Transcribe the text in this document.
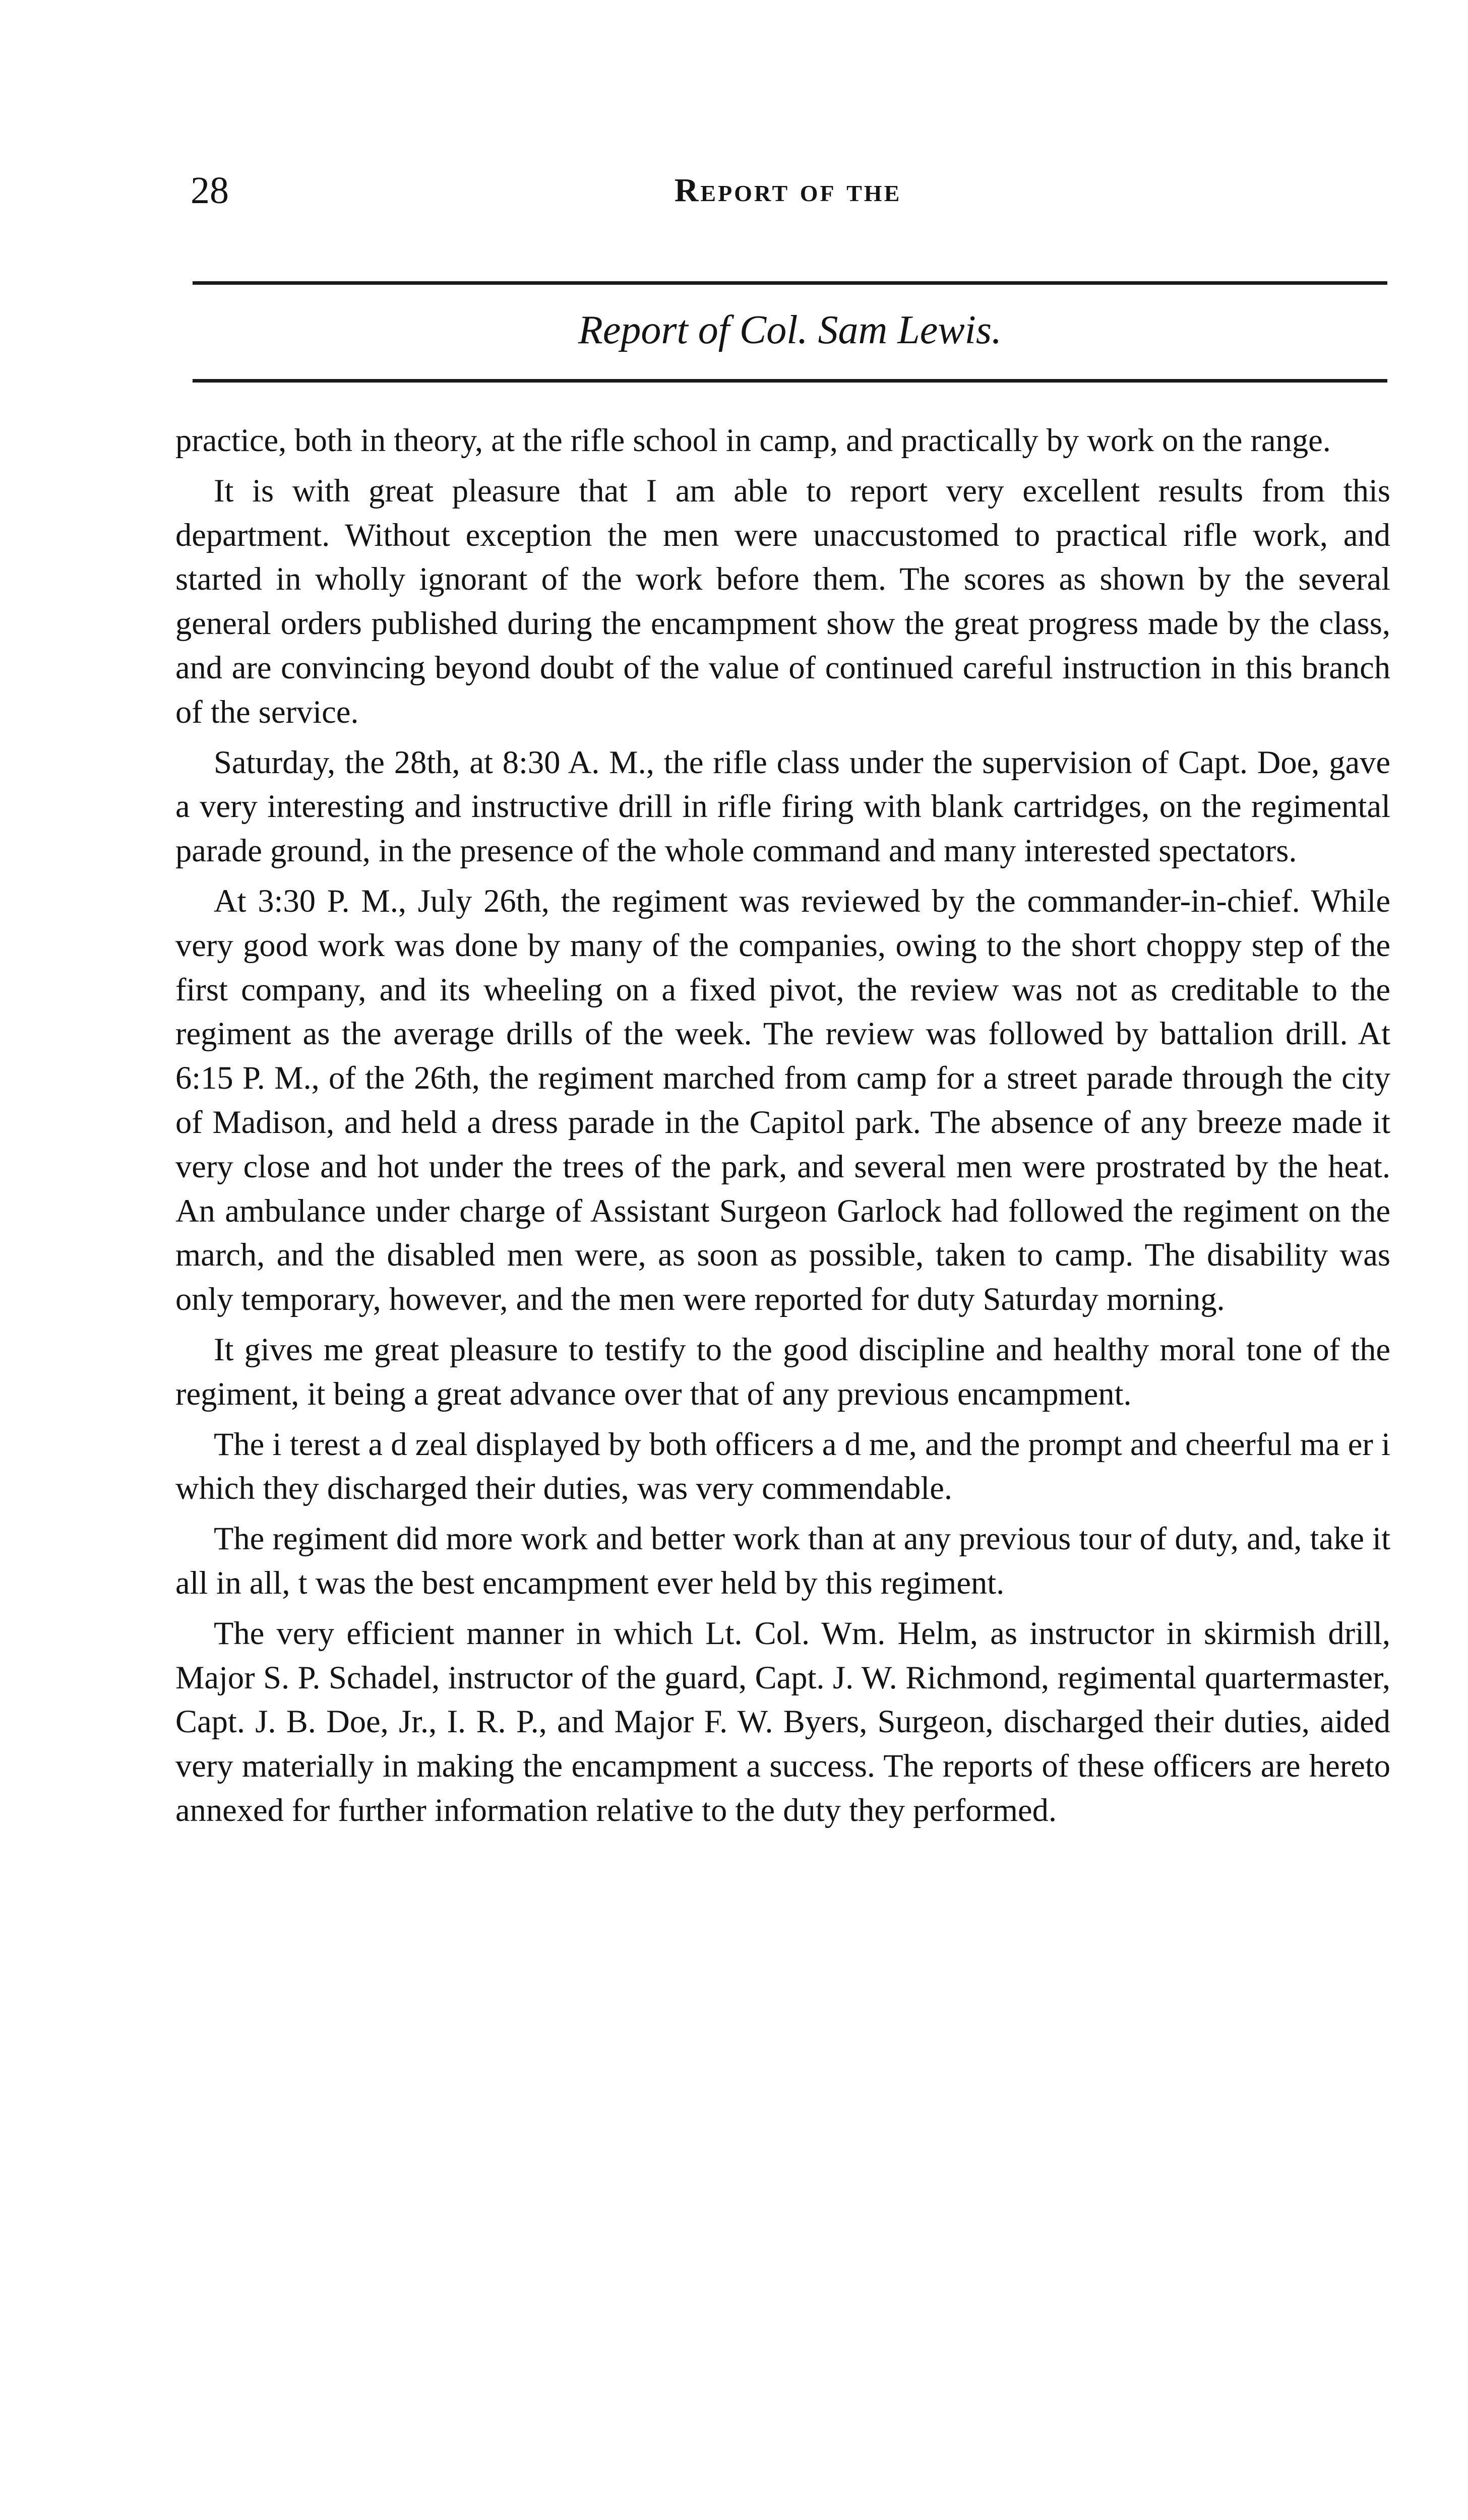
28	Report of the
Report of Col. Sam Lewis.

practice, both in theory, at the rifle school in camp, and practically by work on the range.

It is with great pleasure that I am able to report very excellent results from this department. Without exception the men were unaccustomed to practical rifle work, and started in wholly ignorant of the work before them. The scores as shown by the several general orders published during the encampment show the great progress made by the class, and are convincing beyond doubt of the value of continued careful instruction in this branch of the service.

Saturday, the 28th, at 8:30 A. M., the rifle class under the supervision of Capt. Doe, gave a very interesting and instructive drill in rifle firing with blank cartridges, on the regimental parade ground, in the presence of the whole command and many interested spectators.

At 3:30 P. M., July 26th, the regiment was reviewed by the commander-in-chief. While very good work was done by many of the companies, owing to the short choppy step of the first company, and its wheeling on a fixed pivot, the review was not as creditable to the regiment as the average drills of the week. The review was followed by battalion drill. At 6:15 P. M., of the 26th, the regiment marched from camp for a street parade through the city of Madison, and held a dress parade in the Capitol park. The absence of any breeze made it very close and hot under the trees of the park, and several men were prostrated by the heat. An ambulance under charge of Assistant Surgeon Garlock had followed the regiment on the march, and the disabled men were, as soon as possible, taken to camp. The disability was only temporary, however, and the men were reported for duty Saturday morning.

It gives me great pleasure to testify to the good discipline and healthy moral tone of the regiment, it being a great advance over that of any previous encampment.

The i terest a d zeal displayed by both officers a d me, and the prompt and cheerful ma er i which they discharged their duties, was very commendable.

The regiment did more work and better work than at any previous tour of duty, and, take it all in all, t was the best encampment ever held by this regiment.

The very efficient manner in which Lt. Col. Wm. Helm, as instructor in skirmish drill, Major S. P. Schadel, instructor of the guard, Capt. J. W. Richmond, regimental quartermaster, Capt. J. B. Doe, Jr., I. R. P., and Major F. W. Byers, Surgeon, discharged their duties, aided very materially in making the encampment a success. The reports of these officers are hereto annexed for further information relative to the duty they performed.
